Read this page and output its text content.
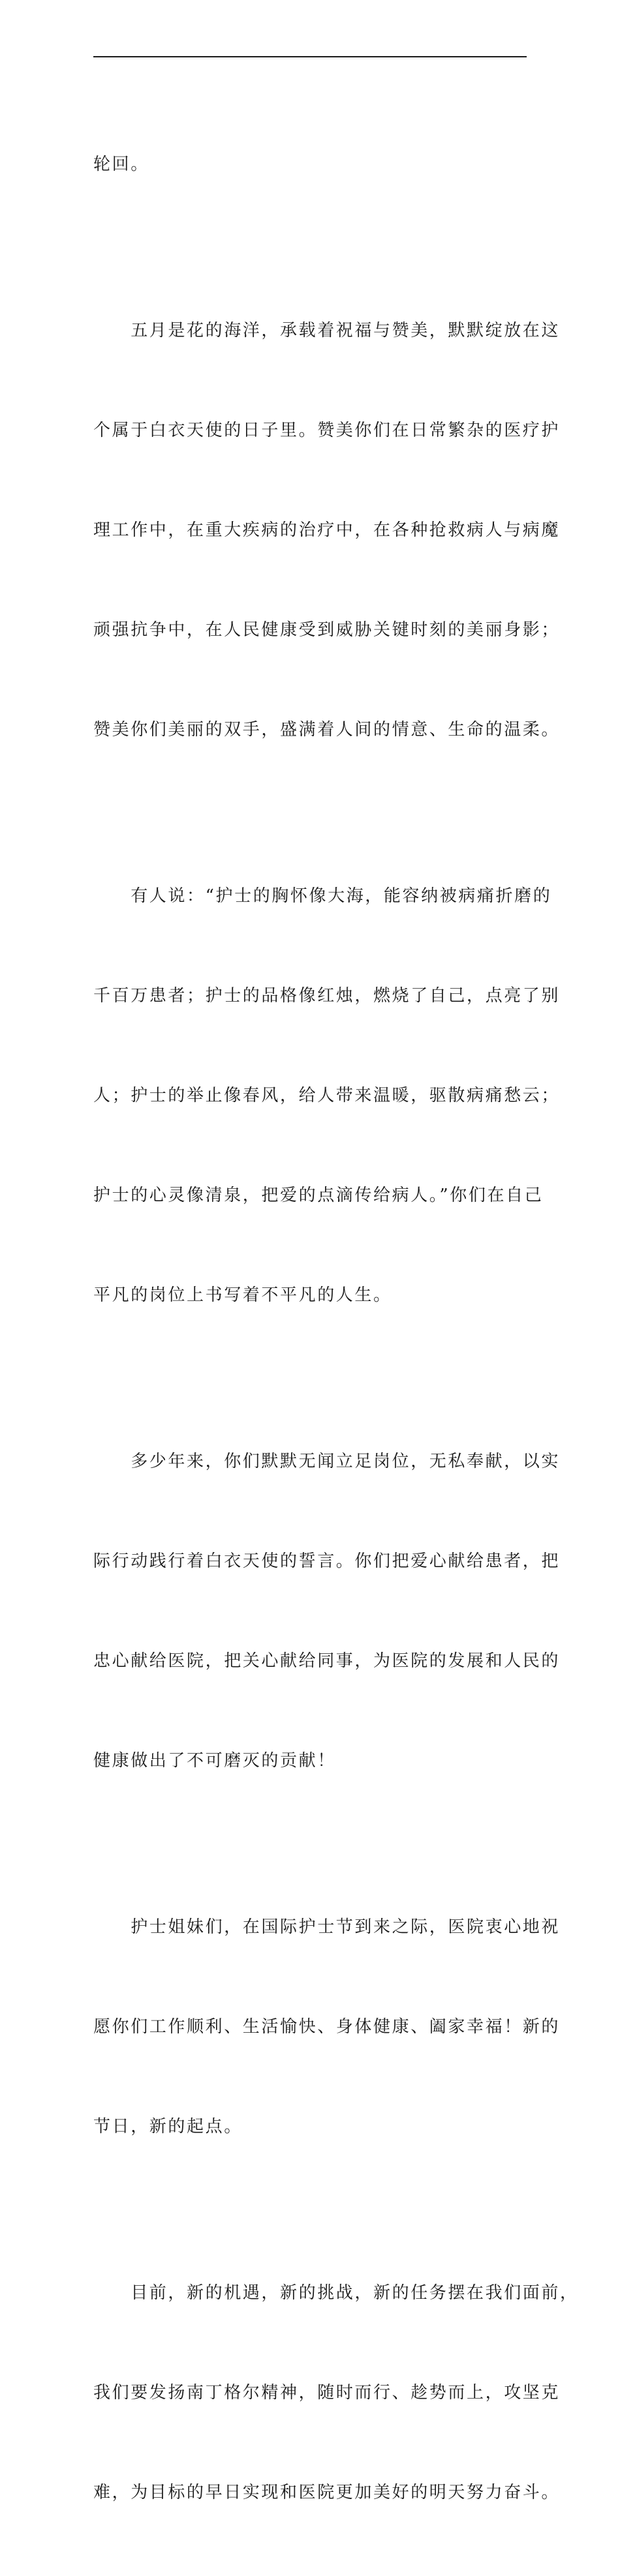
轮回。

　　五月是花的海洋，承载着祝福与赞美，默默绽放在这

个属于白衣天使的日子里。赞美你们在日常繁杂的医疗护

理工作中，在重大疾病的治疗中，在各种抢救病人与病魔

顽强抗争中，在人民健康受到威胁关键时刻的美丽身影；

赞美你们美丽的双手，盛满着人间的情意、生命的温柔。

　　有人说：“护士的胸怀像大海，能容纳被病痛折磨的

千百万患者；护士的品格像红烛，燃烧了自己，点亮了别

人；护士的举止像春风，给人带来温暖，驱散病痛愁云；

护士的心灵像清泉，把爱的点滴传给病人。”你们在自己

平凡的岗位上书写着不平凡的人生。

　　多少年来，你们默默无闻立足岗位，无私奉献，以实

际行动践行着白衣天使的誓言。你们把爱心献给患者，把

忠心献给医院，把关心献给同事，为医院的发展和人民的

健康做出了不可磨灭的贡献！

　　护士姐妹们，在国际护士节到来之际，医院衷心地祝

愿你们工作顺利、生活愉快、身体健康、阖家幸福！新的

节日，新的起点。

　　目前，新的机遇，新的挑战，新的任务摆在我们面前，

我们要发扬南丁格尔精神，随时而行、趁势而上，攻坚克

难，为目标的早日实现和医院更加美好的明天努力奋斗。
